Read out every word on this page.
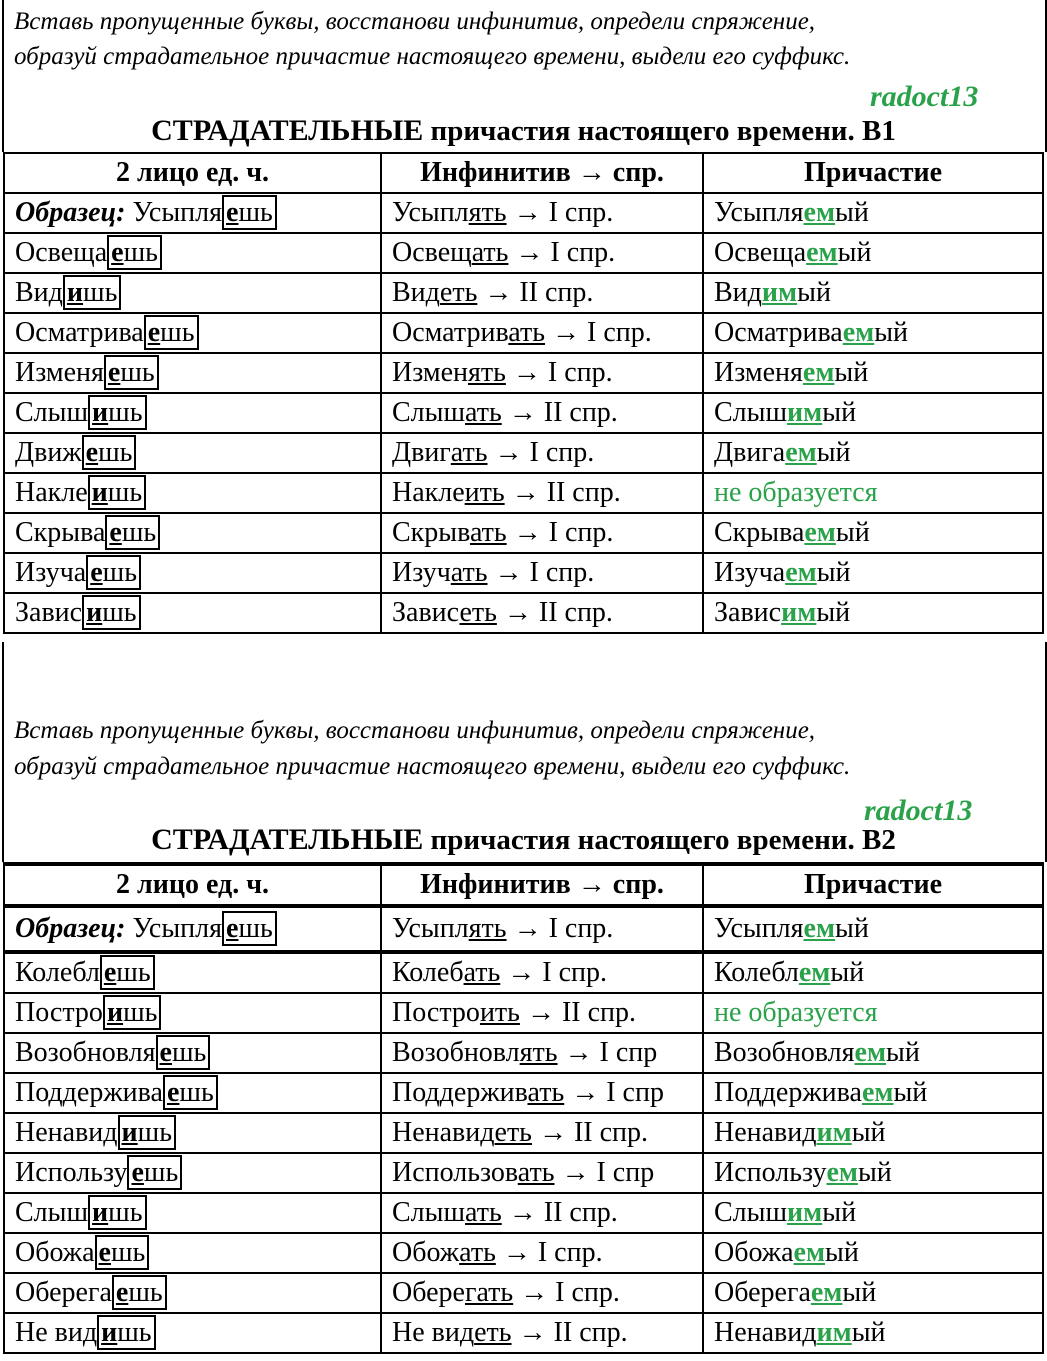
Вставь пропущенные буквы, восстанови инфинитив, определи спряжение,
образуй страдательное причастие настоящего времени, выдели его суффикс.
radoct13
СТРАДАТЕЛЬНЫЕ причастия настоящего времени. В1
2 лицо ед. ч.	Инфинитив → спр.	Причастие
Образец: Усыпля ешь	Усыплять → I спр.	Усыпляемый
Освеща ешь	Освещать → I спр.	Освещаемый
Вид ишь	Видеть → II спр.	Видимый
Осматрива ешь	Осматривать → I спр.	Осматриваемый
Изменя ешь	Изменять → I спр.	Изменяемый
Слыш ишь	Слышать → II спр.	Слышимый
Движ ешь	Двигать → I спр.	Двигаемый
Накле ишь	Наклеить → II спр.	не образуется
Скрыва ешь	Скрывать → I спр.	Скрываемый
Изуча ешь	Изучать → I спр.	Изучаемый
Завис ишь	Зависеть → II спр.	Зависимый
Вставь пропущенные буквы, восстанови инфинитив, определи спряжение,
образуй страдательное причастие настоящего времени, выдели его суффикс.
radoct13
СТРАДАТЕЛЬНЫЕ причастия настоящего времени. В2
2 лицо ед. ч.	Инфинитив → спр.	Причастие
Образец: Усыпля ешь	Усыплять → I спр.	Усыпляемый
Колебл ешь	Колебать → I спр.	Колеблемый
Постро ишь	Построить → II спр.	не образуется
Возобновля ешь	Возобновлять → I спр	Возобновляемый
Поддержива ешь	Поддерживать → I спр	Поддерживаемый
Ненавид ишь	Ненавидеть → II спр.	Ненавидимый
Использу ешь	Использовать → I спр	Используемый
Слыш ишь	Слышать → II спр.	Слышимый
Обожа ешь	Обожать → I спр.	Обожаемый
Оберега ешь	Оберегать → I спр.	Оберегаемый
Не вид ишь	Не видеть → II спр.	Ненавидимый
